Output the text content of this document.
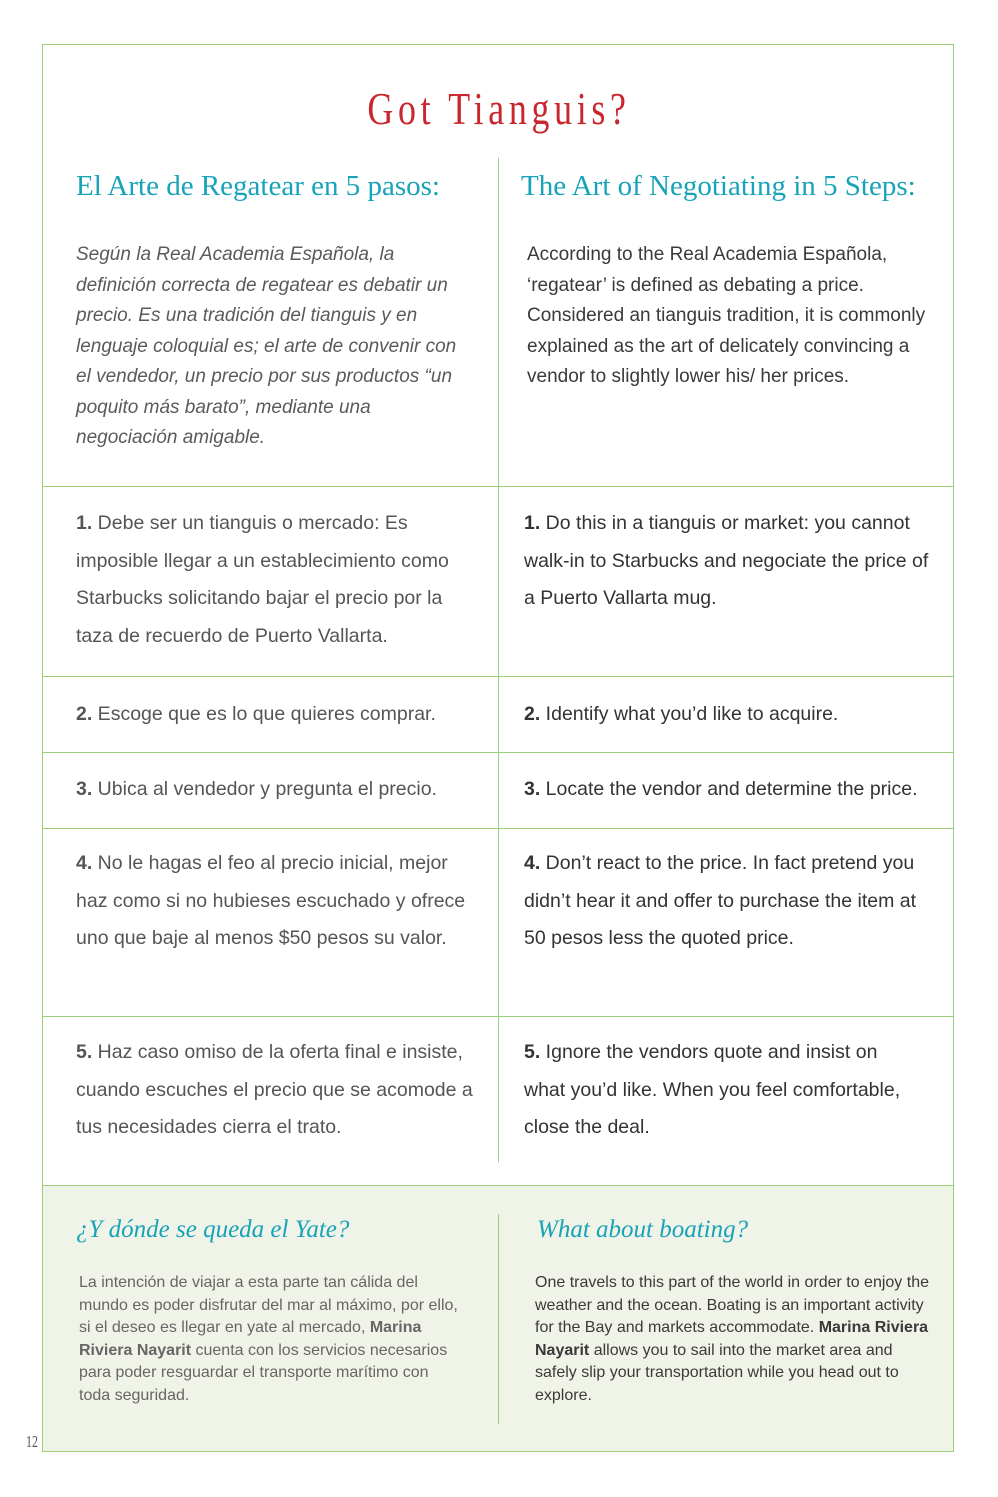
Got Tianguis?
El Arte de Regatear en 5 pasos:	The Art of Negotiating in 5 Steps:

Según la Real Academia Española, la definición correcta de regatear es debatir un precio. Es una tradición del tianguis y en lenguaje coloquial es; el arte de convenir con el vendedor, un precio por sus productos “un poquito más barato”, mediante una negociación amigable.

According to the Real Academia Española, ‘regatear’ is defined as debating a price. Considered an tianguis tradition, it is commonly explained as the art of delicately convincing a vendor to slightly lower his/ her prices.

1. Debe ser un tianguis o mercado: Es imposible llegar a un establecimiento como Starbucks solicitando bajar el precio por la taza de recuerdo de Puerto Vallarta.

1. Do this in a tianguis or market: you cannot walk-in to Starbucks and negociate the price of a Puerto Vallarta mug.

2. Escoge que es lo que quieres comprar.	2. Identify what you’d like to acquire.

3. Ubica al vendedor y pregunta el precio.	3. Locate the vendor and determine the price.

4. No le hagas el feo al precio inicial, mejor haz como si no hubieses escuchado y ofrece uno que baje al menos $50 pesos su valor.

4. Don’t react to the price. In fact pretend you didn’t hear it and offer to purchase the item at 50 pesos less the quoted price.

5. Haz caso omiso de la oferta final e insiste, cuando escuches el precio que se acomode a tus necesidades cierra el trato.

5. Ignore the vendors quote and insist on what you’d like. When you feel comfortable, close the deal.

¿Y dónde se queda el Yate?	What about boating?

La intención de viajar a esta parte tan cálida del mundo es poder disfrutar del mar al máximo, por ello, si el deseo es llegar en yate al mercado, Marina Riviera Nayarit cuenta con los servicios necesarios para poder resguardar el transporte marítimo con toda seguridad.

One travels to this part of the world in order to enjoy the weather and the ocean. Boating is an important activity for the Bay and markets accommodate. Marina Riviera Nayarit allows you to sail into the market area and safely slip your transportation while you head out to explore.

12
